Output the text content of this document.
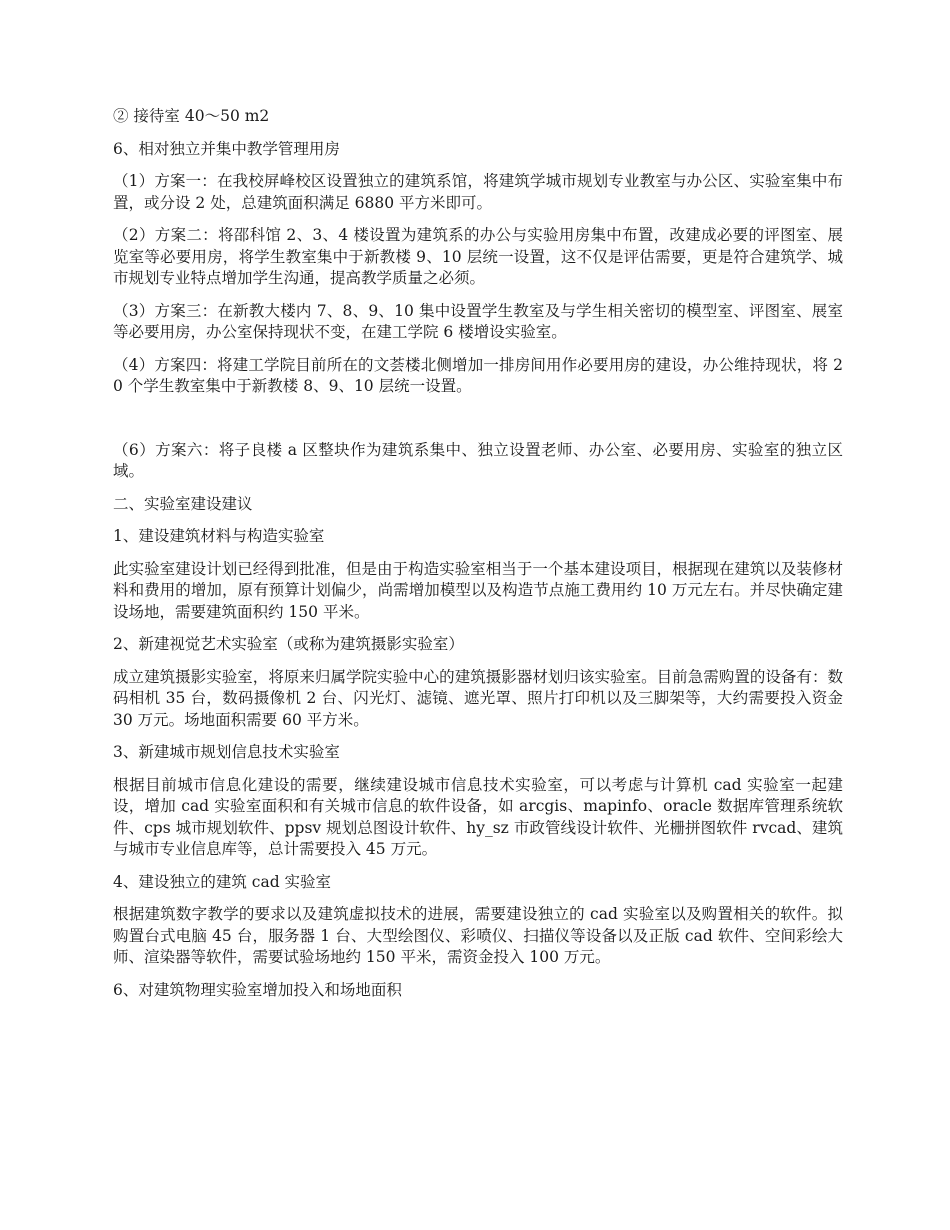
② 接待室 40～50 m2

6、相对独立并集中教学管理用房

（1）方案一：在我校屏峰校区设置独立的建筑系馆，将建筑学城市规划专业教室与办公区、实验室集中布置，或分设 2 处，总建筑面积满足 6880 平方米即可。

（2）方案二：将邵科馆 2、3、4 楼设置为建筑系的办公与实验用房集中布置，改建成必要的评图室、展览室等必要用房，将学生教室集中于新教楼 9、10 层统一设置，这不仅是评估需要，更是符合建筑学、城市规划专业特点增加学生沟通，提高教学质量之必须。

（3）方案三：在新教大楼内 7、8、9、10 集中设置学生教室及与学生相关密切的模型室、评图室、展室等必要用房，办公室保持现状不变，在建工学院 6 楼增设实验室。

（4）方案四：将建工学院目前所在的文荟楼北侧增加一排房间用作必要用房的建设，办公维持现状，将 20 个学生教室集中于新教楼 8、9、10 层统一设置。

（6）方案六：将子良楼 a 区整块作为建筑系集中、独立设置老师、办公室、必要用房、实验室的独立区域。

二、实验室建设建议

1、建设建筑材料与构造实验室

此实验室建设计划已经得到批准，但是由于构造实验室相当于一个基本建设项目，根据现在建筑以及装修材料和费用的增加，原有预算计划偏少，尚需增加模型以及构造节点施工费用约 10 万元左右。并尽快确定建设场地，需要建筑面积约 150 平米。

2、新建视觉艺术实验室（或称为建筑摄影实验室）

成立建筑摄影实验室，将原来归属学院实验中心的建筑摄影器材划归该实验室。目前急需购置的设备有：数码相机 35 台，数码摄像机 2 台、闪光灯、滤镜、遮光罩、照片打印机以及三脚架等，大约需要投入资金 30 万元。场地面积需要 60 平方米。

3、新建城市规划信息技术实验室

根据目前城市信息化建设的需要，继续建设城市信息技术实验室，可以考虑与计算机 cad 实验室一起建设，增加 cad 实验室面积和有关城市信息的软件设备，如 arcgis、mapinfo、oracle 数据库管理系统软件、cps 城市规划软件、ppsv 规划总图设计软件、hy_sz 市政管线设计软件、光栅拼图软件 rvcad、建筑与城市专业信息库等，总计需要投入 45 万元。

4、建设独立的建筑 cad 实验室

根据建筑数字教学的要求以及建筑虚拟技术的进展，需要建设独立的 cad 实验室以及购置相关的软件。拟购置台式电脑 45 台，服务器 1 台、大型绘图仪、彩喷仪、扫描仪等设备以及正版 cad 软件、空间彩绘大师、渲染器等软件，需要试验场地约 150 平米，需资金投入 100 万元。

6、对建筑物理实验室增加投入和场地面积
